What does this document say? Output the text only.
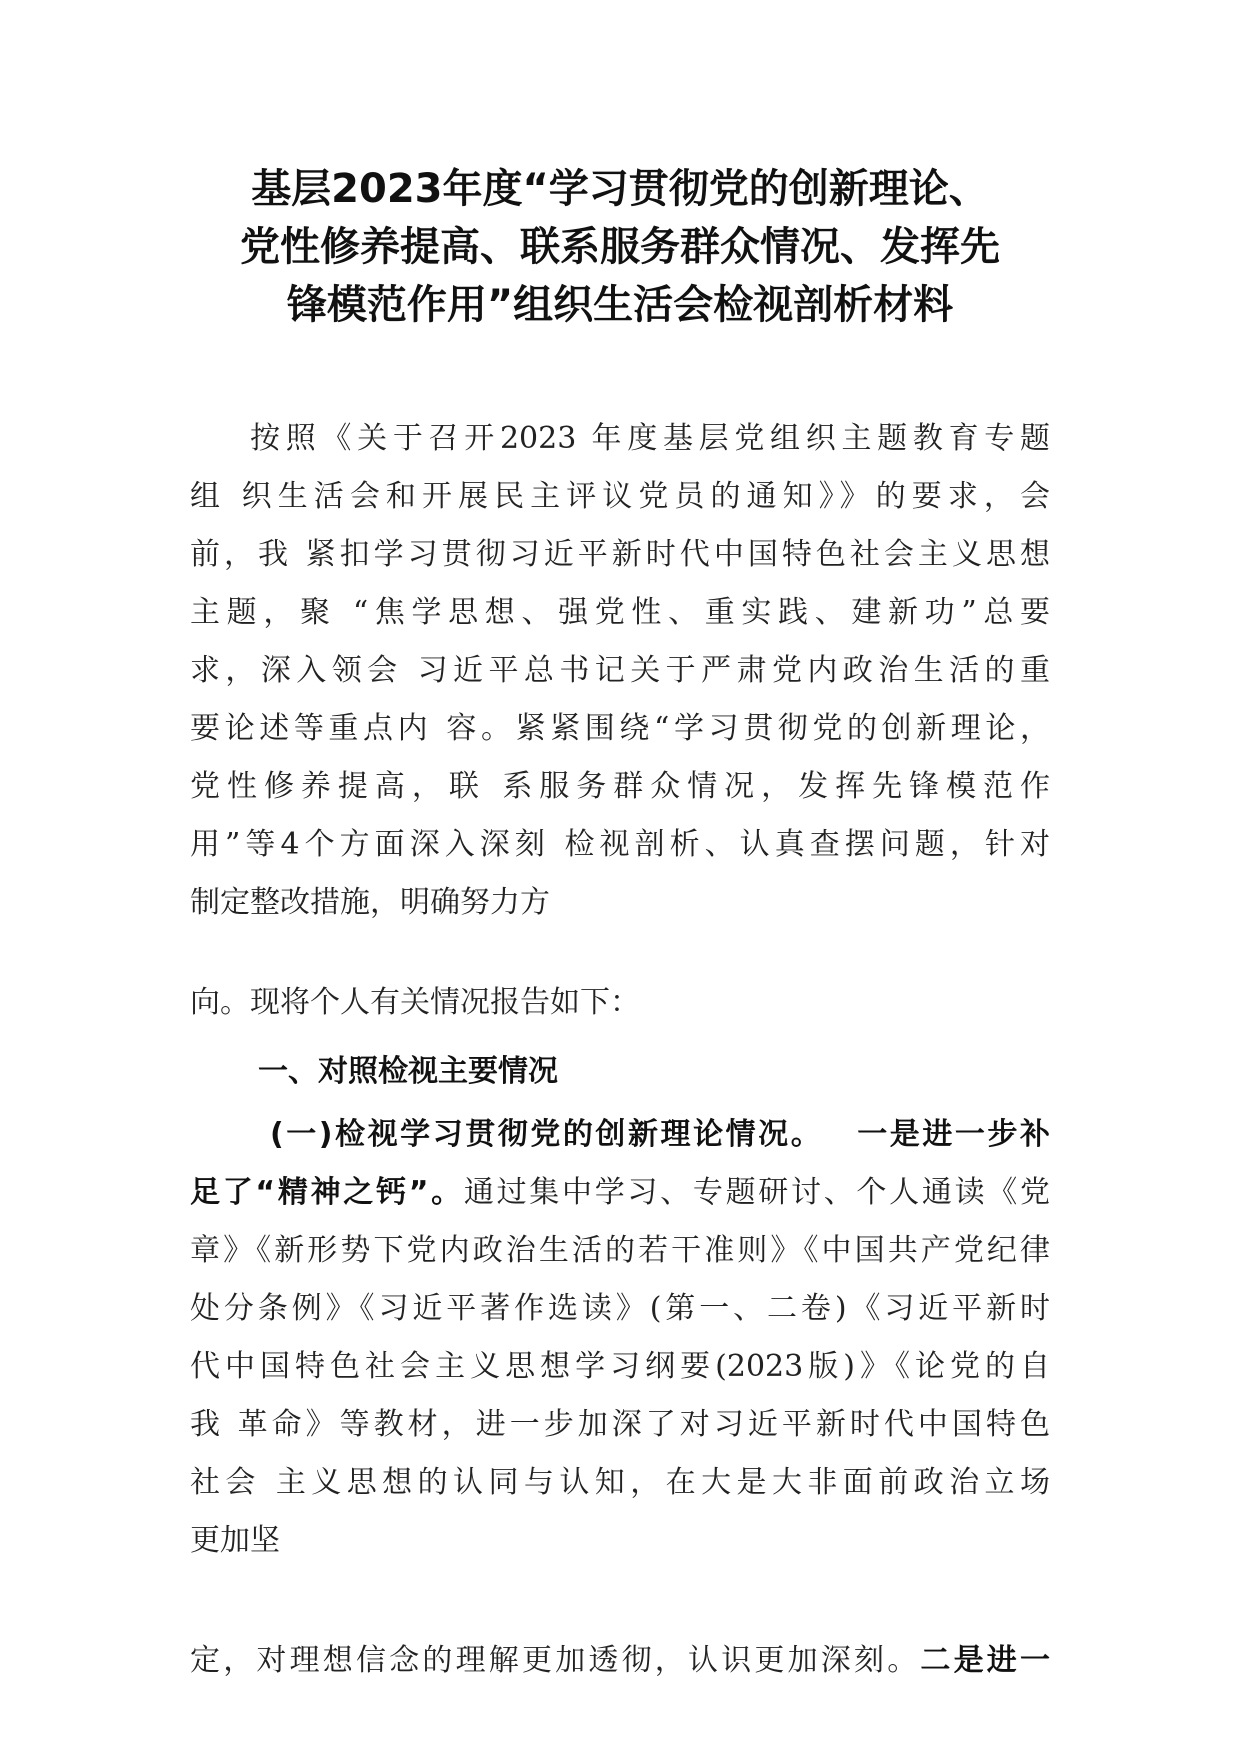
基层2023年度“学习贯彻党的创新理论、
党性修养提高、联系服务群众情况、发挥先
锋模范作用”组织生活会检视剖析材料
按照《关于召开2023 年度基层党组织主题教育专题
组 织生活会和开展民主评议党员的通知》》的要求，会
前，我 紧扣学习贯彻习近平新时代中国特色社会主义思想
主题，聚 “焦学思想、强党性、重实践、建新功”总要
求，深入领会 习近平总书记关于严肃党内政治生活的重
要论述等重点内 容。紧紧围绕“学习贯彻党的创新理论，
党性修养提高，联 系服务群众情况，发挥先锋模范作
用”等4个方面深入深刻 检视剖析、认真查摆问题，针对
制定整改措施，明确努力方
向。现将个人有关情况报告如下：
一、对照检视主要情况
(一)检视学习贯彻党的创新理论情况。 一是进一步补
足了“精神之钙”。通过集中学习、专题研讨、个人通读《党
章》《新形势下党内政治生活的若干准则》《中国共产党纪律
处分条例》《习近平著作选读》(第一、二卷)《习近平新时
代中国特色社会主义思想学习纲要(2023版)》《论党的自
我 革命》等教材，进一步加深了对习近平新时代中国特色
社会 主义思想的认同与认知，在大是大非面前政治立场
更加坚
定，对理想信念的理解更加透彻，认识更加深刻。二是进一
